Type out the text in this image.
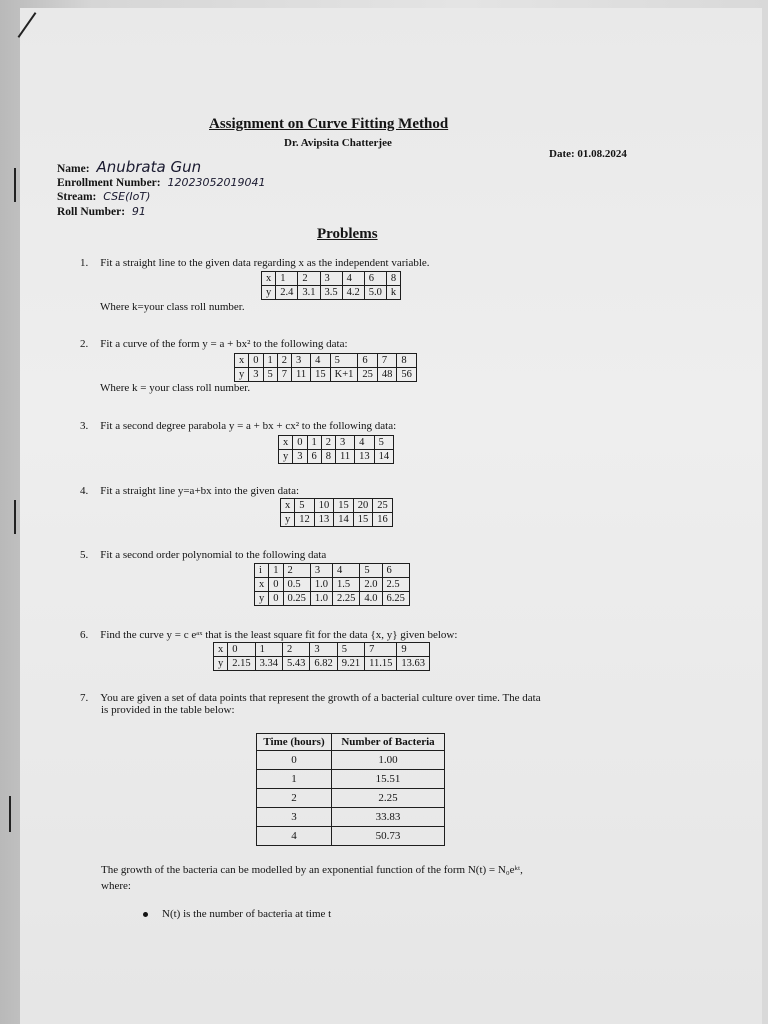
Assignment on Curve Fitting Method
Dr. Avipsita Chatterjee
Date: 01.08.2024
Name: Anubrata Gun
Enrollment Number: 12023052019041
Stream: CSE(IoT)
Roll Number: 91
Problems
1. Fit a straight line to the given data regarding x as the independent variable.
x	1	2	3	4	6	8
y	2.4	3.1	3.5	4.2	5.0	k
Where k=your class roll number.
2. Fit a curve of the form y = a + bx² to the following data:
x	0	1	2	3	4	5	6	7	8
y	3	5	7	11	15	K+1	25	48	56
Where k = your class roll number.
3. Fit a second degree parabola y = a + bx + cx² to the following data:
x	0	1	2	3	4	5
y	3	6	8	11	13	14
4. Fit a straight line y=a+bx into the given data:
x	5	10	15	20	25
y	12	13	14	15	16
5. Fit a second order polynomial to the following data
i	1	2	3	4	5	6
x	0	0.5	1.0	1.5	2.0	2.5
y	0	0.25	1.0	2.25	4.0	6.25
6. Find the curve y = c eᵃˣ that is the least square fit for the data {x, y} given below:
x	0	1	2	3	5	7	9
y	2.15	3.34	5.43	6.82	9.21	11.15	13.63
7. You are given a set of data points that represent the growth of a bacterial culture over time. The data
is provided in the table below:
Time (hours)	Number of Bacteria
0	1.00
1	15.51
2	2.25
3	33.83
4	50.73
The growth of the bacteria can be modelled by an exponential function of the form N(t) = N₀eᵏᵗ,
where:
N(t) is the number of bacteria at time t
